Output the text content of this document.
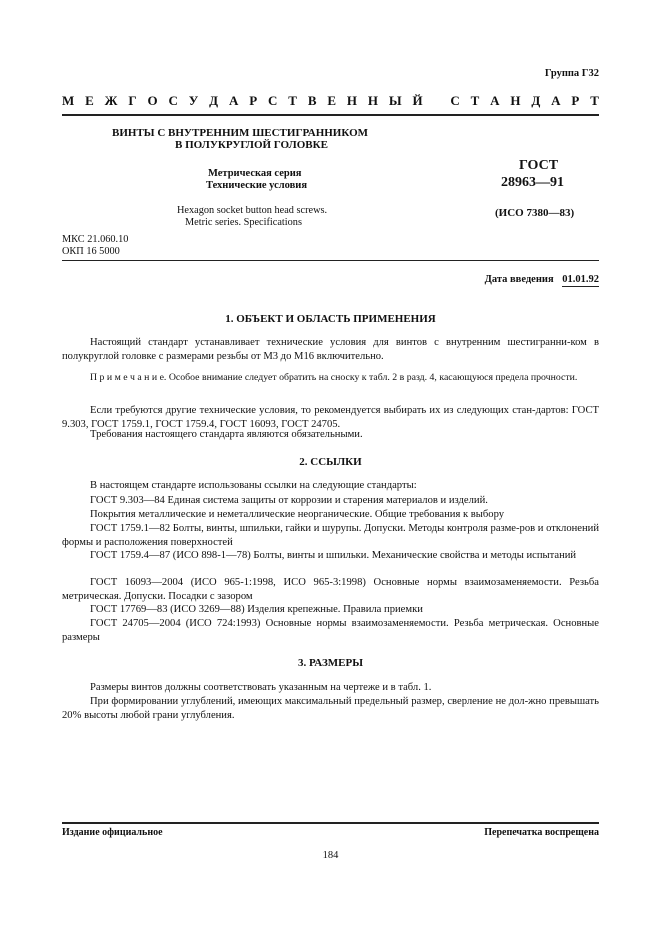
Группа Г32
М Е Ж Г О С У Д А Р С Т В Е Н Н Ы Й С Т А Н Д А Р Т
ВИНТЫ С ВНУТРЕННИМ ШЕСТИГРАННИКОМ
В ПОЛУКРУГЛОЙ ГОЛОВКЕ
Метрическая серия
Технические условия
Hexagon socket button head screws.
Metric series. Specifications
ГОСТ
28963—91
(ИСО 7380—83)
МКС 21.060.10
ОКП 16 5000
Дата введения 01.01.92
1. ОБЪЕКТ И ОБЛАСТЬ ПРИМЕНЕНИЯ

Настоящий стандарт устанавливает технические условия для винтов с внутренним шестигранни-ком в полукруглой головке с размерами резьбы от М3 до М16 включительно.

П р и м е ч а н и е. Особое внимание следует обратить на сноску к табл. 2 в разд. 4, касающуюся предела прочности.

Если требуются другие технические условия, то рекомендуется выбирать их из следующих стан-дартов: ГОСТ 9.303, ГОСТ 1759.1, ГОСТ 1759.4, ГОСТ 16093, ГОСТ 24705.

Требования настоящего стандарта являются обязательными.

2. ССЫЛКИ

В настоящем стандарте использованы ссылки на следующие стандарты:

ГОСТ 9.303—84 Единая система защиты от коррозии и старения материалов и изделий.

Покрытия металлические и неметаллические неорганические. Общие требования к выбору

ГОСТ 1759.1—82 Болты, винты, шпильки, гайки и шурупы. Допуски. Методы контроля разме-ров и отклонений формы и расположения поверхностей

ГОСТ 1759.4—87 (ИСО 898-1—78) Болты, винты и шпильки. Механические свойства и методы испытаний

ГОСТ 16093—2004 (ИСО 965-1:1998, ИСО 965-3:1998) Основные нормы взаимозаменяемости. Резьба метрическая. Допуски. Посадки с зазором

ГОСТ 17769—83 (ИСО 3269—88) Изделия крепежные. Правила приемки

ГОСТ 24705—2004 (ИСО 724:1993) Основные нормы взаимозаменяемости. Резьба метрическая. Основные размеры

3. РАЗМЕРЫ

Размеры винтов должны соответствовать указанным на чертеже и в табл. 1.

При формировании углублений, имеющих максимальный предельный размер, сверление не дол-жно превышать 20% высоты любой грани углубления.

Издание официальное	Перепечатка воспрещена
184
